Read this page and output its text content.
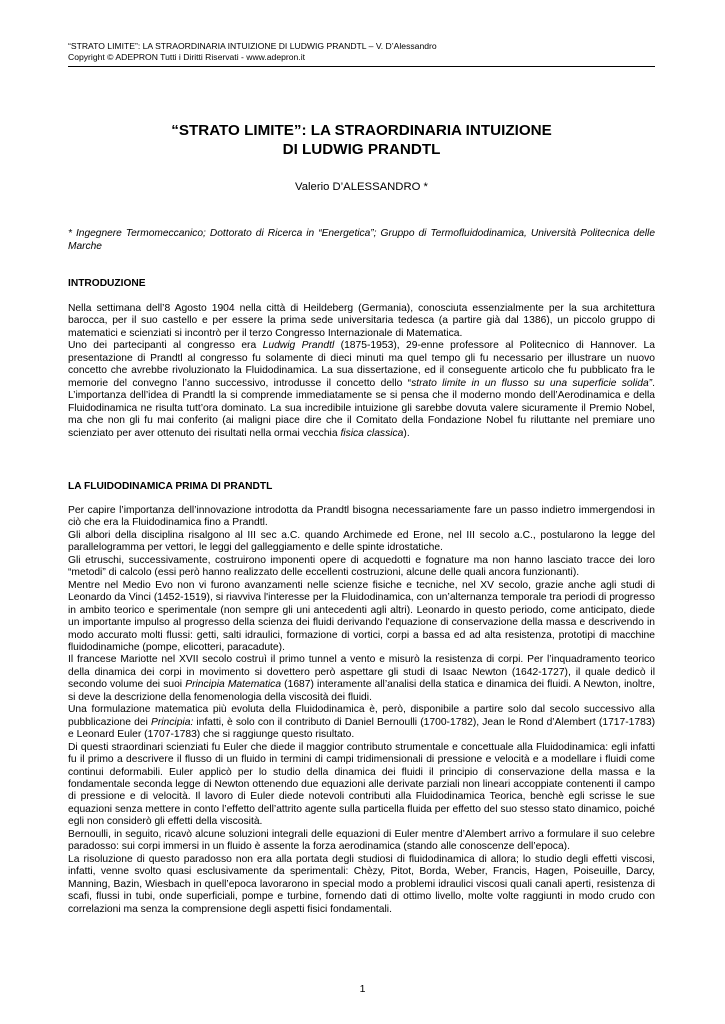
“STRATO LIMITE”: LA STRAORDINARIA INTUIZIONE DI LUDWIG PRANDTL – V. D’Alessandro
Copyright © ADEPRON Tutti i Diritti Riservati - www.adepron.it
“STRATO LIMITE”: LA STRAORDINARIA INTUIZIONE
DI LUDWIG PRANDTL
Valerio D’ALESSANDRO *
* Ingegnere Termomeccanico; Dottorato di Ricerca in “Energetica”; Gruppo di Termofluidodinamica, Università Politecnica delle Marche
INTRODUZIONE

Nella settimana dell’8 Agosto 1904 nella città di Heildeberg (Germania), conosciuta essenzialmente per la sua architettura barocca, per il suo castello e per essere la prima sede universitaria tedesca (a partire già dal 1386), un piccolo gruppo di matematici e scienziati si incontrò per il terzo Congresso Internazionale di Matematica.

Uno dei partecipanti al congresso era Ludwig Prandtl (1875-1953), 29-enne professore al Politecnico di Hannover. La presentazione di Prandtl al congresso fu solamente di dieci minuti ma quel tempo gli fu necessario per illustrare un nuovo concetto che avrebbe rivoluzionato la Fluidodinamica. La sua dissertazione, ed il conseguente articolo che fu pubblicato fra le memorie del convegno l’anno successivo, introdusse il concetto dello “strato limite in un flusso su una superficie solida”. L’importanza dell’idea di Prandtl la si comprende immediatamente se si pensa che il moderno mondo dell’Aerodinamica e della Fluidodinamica ne risulta tutt’ora dominato. La sua incredibile intuizione gli sarebbe dovuta valere sicuramente il Premio Nobel, ma che non gli fu mai conferito (ai maligni piace dire che il Comitato della Fondazione Nobel fu riluttante nel premiare uno scienziato per aver ottenuto dei risultati nella ormai vecchia fisica classica).

LA FLUIDODINAMICA PRIMA DI PRANDTL

Per capire l’importanza dell’innovazione introdotta da Prandtl bisogna necessariamente fare un passo indietro immergendosi in ciò che era la Fluidodinamica fino a Prandtl.

Gli albori della disciplina risalgono al III sec a.C. quando Archimede ed Erone, nel III secolo a.C., postularono la legge del parallelogramma per vettori, le leggi del galleggiamento e delle spinte idrostatiche.

Gli etruschi, successivamente, costruirono imponenti opere di acquedotti e fognature ma non hanno lasciato tracce dei loro “metodi” di calcolo (essi però hanno realizzato delle eccellenti costruzioni, alcune delle quali ancora funzionanti).

Mentre nel Medio Evo non vi furono avanzamenti nelle scienze fisiche e tecniche, nel XV secolo, grazie anche agli studi di Leonardo da Vinci (1452-1519), si riavviva l'interesse per la Fluidodinamica, con un’alternanza temporale tra periodi di progresso in ambito teorico e sperimentale (non sempre gli uni antecedenti agli altri). Leonardo in questo periodo, come anticipato, diede un importante impulso al progresso della scienza dei fluidi derivando l'equazione di conservazione della massa e descrivendo in modo accurato molti flussi: getti, salti idraulici, formazione di vortici, corpi a bassa ed ad alta resistenza, prototipi di macchine fluidodinamiche (pompe, elicotteri, paracadute).

Il francese Mariotte nel XVII secolo costruì il primo tunnel a vento e misurò la resistenza di corpi. Per l’inquadramento teorico della dinamica dei corpi in movimento si dovettero però aspettare gli studi di Isaac Newton (1642-1727), il quale dedicò il secondo volume dei suoi Principia Matematica (1687) interamente all’analisi della statica e dinamica dei fluidi. A Newton, inoltre, si deve la descrizione della fenomenologia della viscosità dei fluidi.

Una formulazione matematica più evoluta della Fluidodinamica è, però, disponibile a partire solo dal secolo successivo alla pubblicazione dei Principia: infatti, è solo con il contributo di Daniel Bernoulli (1700-1782), Jean le Rond d’Alembert (1717-1783) e Leonard Euler (1707-1783) che si raggiunge questo risultato.

Di questi straordinari scienziati fu Euler che diede il maggior contributo strumentale e concettuale alla Fluidodinamica: egli infatti fu il primo a descrivere il flusso di un fluido in termini di campi tridimensionali di pressione e velocità e a modellare i fluidi come continui deformabili. Euler applicò per lo studio della dinamica dei fluidi il principio di conservazione della massa e la fondamentale seconda legge di Newton ottenendo due equazioni alle derivate parziali non lineari accoppiate contenenti il campo di pressione e di velocità. Il lavoro di Euler diede notevoli contributi alla Fluidodinamica Teorica, benchè egli scrisse le sue equazioni senza mettere in conto l’effetto dell’attrito agente sulla particella fluida per effetto del suo stesso stato dinamico, poiché egli non considerò gli effetti della viscosità.

Bernoulli, in seguito, ricavò alcune soluzioni integrali delle equazioni di Euler mentre d’Alembert arrivo a formulare il suo celebre paradosso: sui corpi immersi in un fluido è assente la forza aerodinamica (stando alle conoscenze dell’epoca).

La risoluzione di questo paradosso non era alla portata degli studiosi di fluidodinamica di allora; lo studio degli effetti viscosi, infatti, venne svolto quasi esclusivamente da sperimentali: Chèzy, Pitot, Borda, Weber, Francis, Hagen, Poiseuille, Darcy, Manning, Bazin, Wiesbach in quell’epoca lavorarono in special modo a problemi idraulici viscosi quali canali aperti, resistenza di scafi, flussi in tubi, onde superficiali, pompe e turbine, fornendo dati di ottimo livello, molte volte raggiunti in modo crudo con correlazioni ma senza la comprensione degli aspetti fisici fondamentali.

1
